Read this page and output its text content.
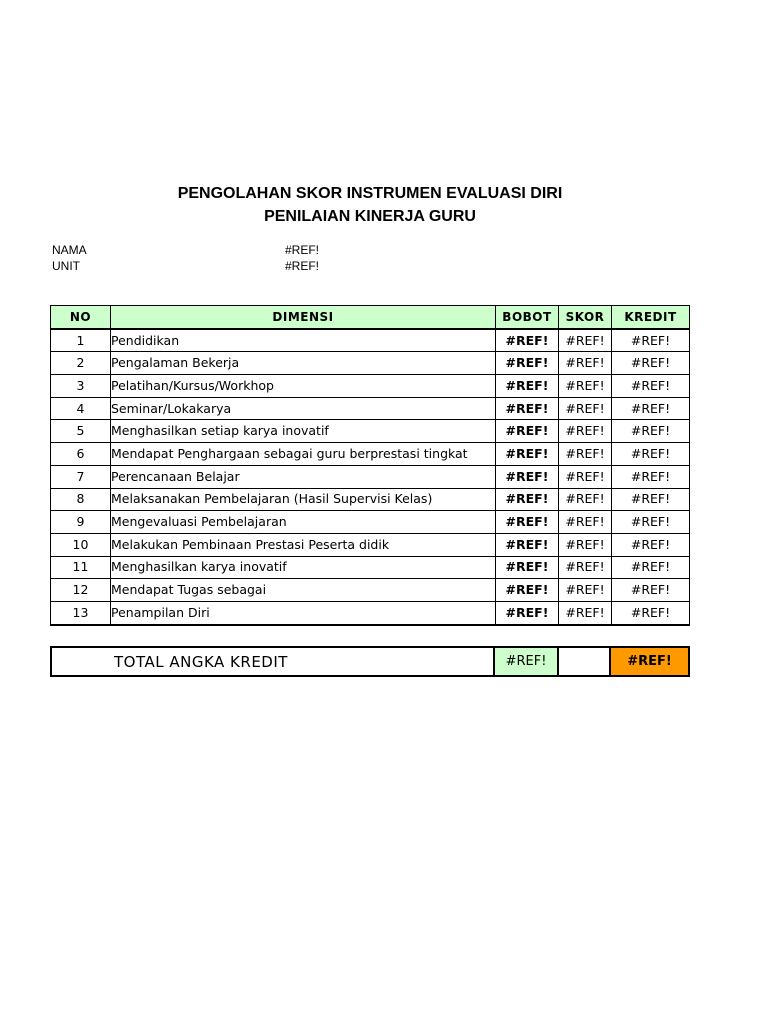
PENGOLAHAN SKOR INSTRUMEN EVALUASI DIRI
PENILAIAN KINERJA GURU
NAMA	#REF!
UNIT	#REF!
NO	DIMENSI	BOBOT	SKOR	KREDIT
1	Pendidikan	#REF!	#REF!	#REF!
2	Pengalaman Bekerja	#REF!	#REF!	#REF!
3	Pelatihan/Kursus/Workhop	#REF!	#REF!	#REF!
4	Seminar/Lokakarya	#REF!	#REF!	#REF!
5	Menghasilkan setiap karya inovatif	#REF!	#REF!	#REF!
6	Mendapat Penghargaan sebagai guru berprestasi tingkat	#REF!	#REF!	#REF!
7	Perencanaan Belajar	#REF!	#REF!	#REF!
8	Melaksanakan Pembelajaran (Hasil Supervisi Kelas)	#REF!	#REF!	#REF!
9	Mengevaluasi Pembelajaran	#REF!	#REF!	#REF!
10	Melakukan Pembinaan Prestasi Peserta didik	#REF!	#REF!	#REF!
11	Menghasilkan karya inovatif	#REF!	#REF!	#REF!
12	Mendapat Tugas sebagai	#REF!	#REF!	#REF!
13	Penampilan Diri	#REF!	#REF!	#REF!
TOTAL ANGKA KREDIT	#REF!		#REF!
